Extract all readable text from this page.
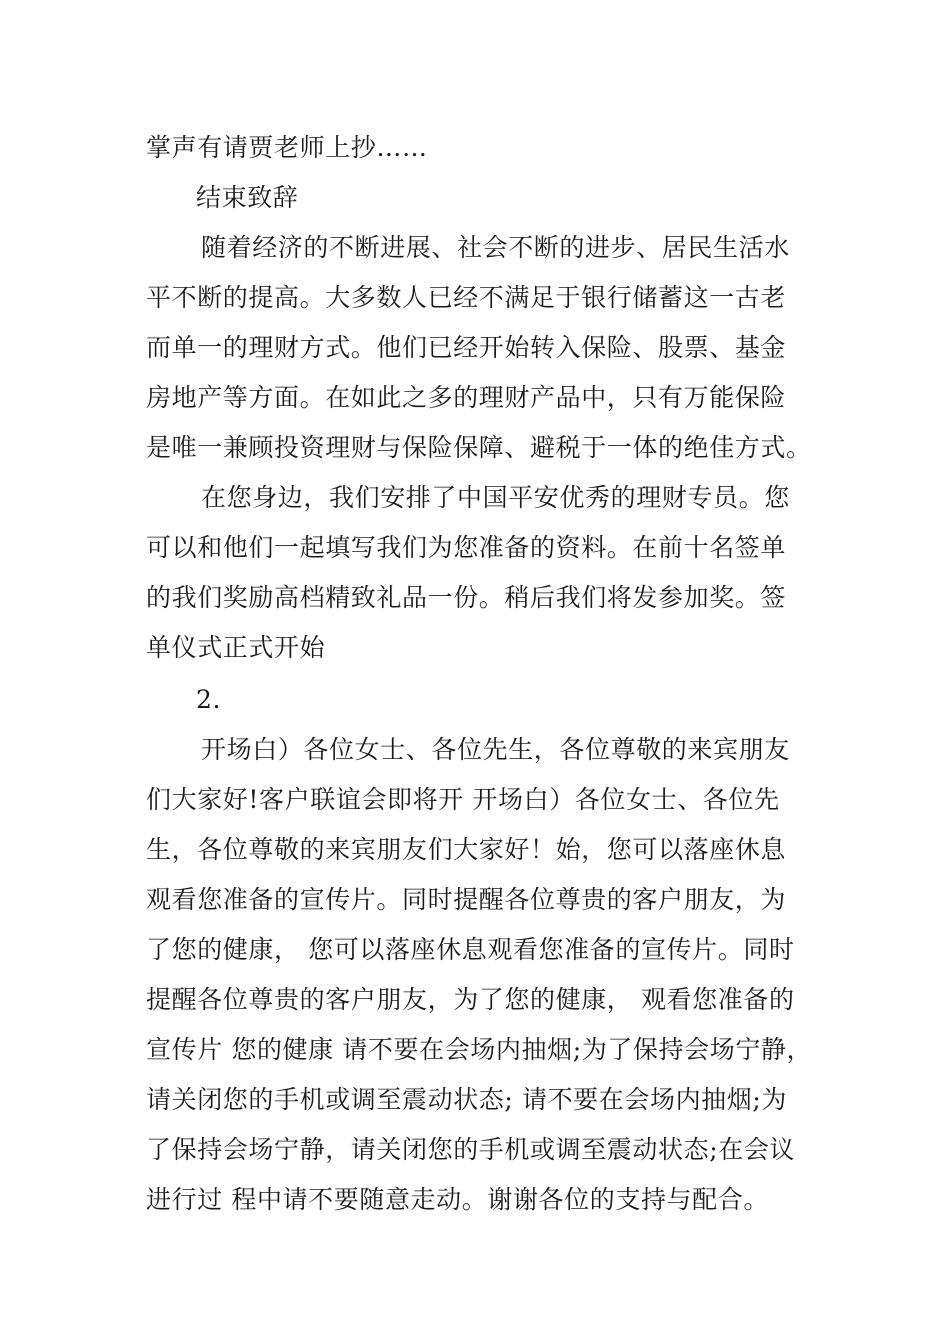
掌声有请贾老师上抄……
结束致辞
随着经济的不断进展、社会不断的进步、居民生活水
平不断的提高。大多数人已经不满足于银行储蓄这一古老
而单一的理财方式。他们已经开始转入保险、股票、基金
房地产等方面。在如此之多的理财产品中，只有万能保险
是唯一兼顾投资理财与保险保障、避税于一体的绝佳方式。
在您身边，我们安排了中国平安优秀的理财专员。您
可以和他们一起填写我们为您准备的资料。在前十名签单
的我们奖励高档精致礼品一份。稍后我们将发参加奖。签
单仪式正式开始
2.
开场白）各位女士、各位先生，各位尊敬的来宾朋友
们大家好!客户联谊会即将开 开场白）各位女士、各位先
生，各位尊敬的来宾朋友们大家好！始，您可以落座休息
观看您准备的宣传片。同时提醒各位尊贵的客户朋友，为
了您的健康， 您可以落座休息观看您准备的宣传片。同时
提醒各位尊贵的客户朋友，为了您的健康， 观看您准备的
宣传片 您的健康 请不要在会场内抽烟;为了保持会场宁静，
请关闭您的手机或调至震动状态; 请不要在会场内抽烟;为
了保持会场宁静，请关闭您的手机或调至震动状态;在会议
进行过 程中请不要随意走动。谢谢各位的支持与配合。
